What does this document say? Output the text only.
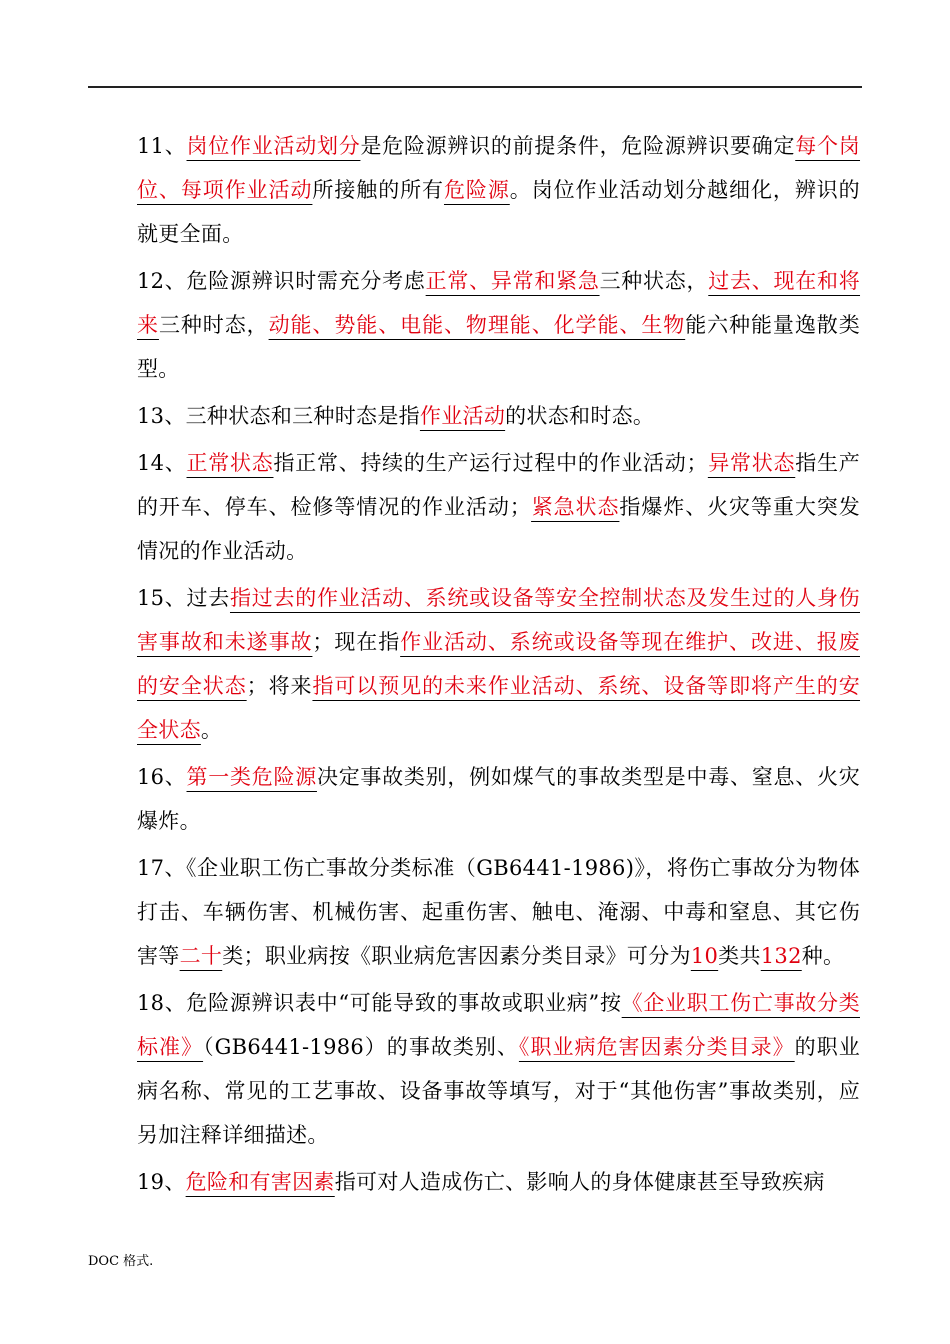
11、岗位作业活动划分是危险源辨识的前提条件，危险源辨识要确定每个岗位、每项作业活动所接触的所有危险源。岗位作业活动划分越细化，辨识的就更全面。

12、危险源辨识时需充分考虑正常、异常和紧急三种状态，过去、现在和将来三种时态，动能、势能、电能、物理能、化学能、生物能六种能量逸散类型。

13、三种状态和三种时态是指作业活动的状态和时态。

14、正常状态指正常、持续的生产运行过程中的作业活动；异常状态指生产的开车、停车、检修等情况的作业活动；紧急状态指爆炸、火灾等重大突发情况的作业活动。

15、过去指过去的作业活动、系统或设备等安全控制状态及发生过的人身伤害事故和未遂事故；现在指作业活动、系统或设备等现在维护、改进、报废的安全状态；将来指可以预见的未来作业活动、系统、设备等即将产生的安全状态。

16、第一类危险源决定事故类别，例如煤气的事故类型是中毒、窒息、火灾爆炸。

17、《企业职工伤亡事故分类标准（GB6441-1986)》，将伤亡事故分为物体打击、车辆伤害、机械伤害、起重伤害、触电、淹溺、中毒和窒息、其它伤害等二十类；职业病按《职业病危害因素分类目录》可分为10类共132种。

18、危险源辨识表中“可能导致的事故或职业病”按《企业职工伤亡事故分类标准》（GB6441-1986）的事故类别、《职业病危害因素分类目录》的职业病名称、常见的工艺事故、设备事故等填写，对于“其他伤害”事故类别，应另加注释详细描述。

19、危险和有害因素指可对人造成伤亡、影响人的身体健康甚至导致疾病

DOC 格式.
